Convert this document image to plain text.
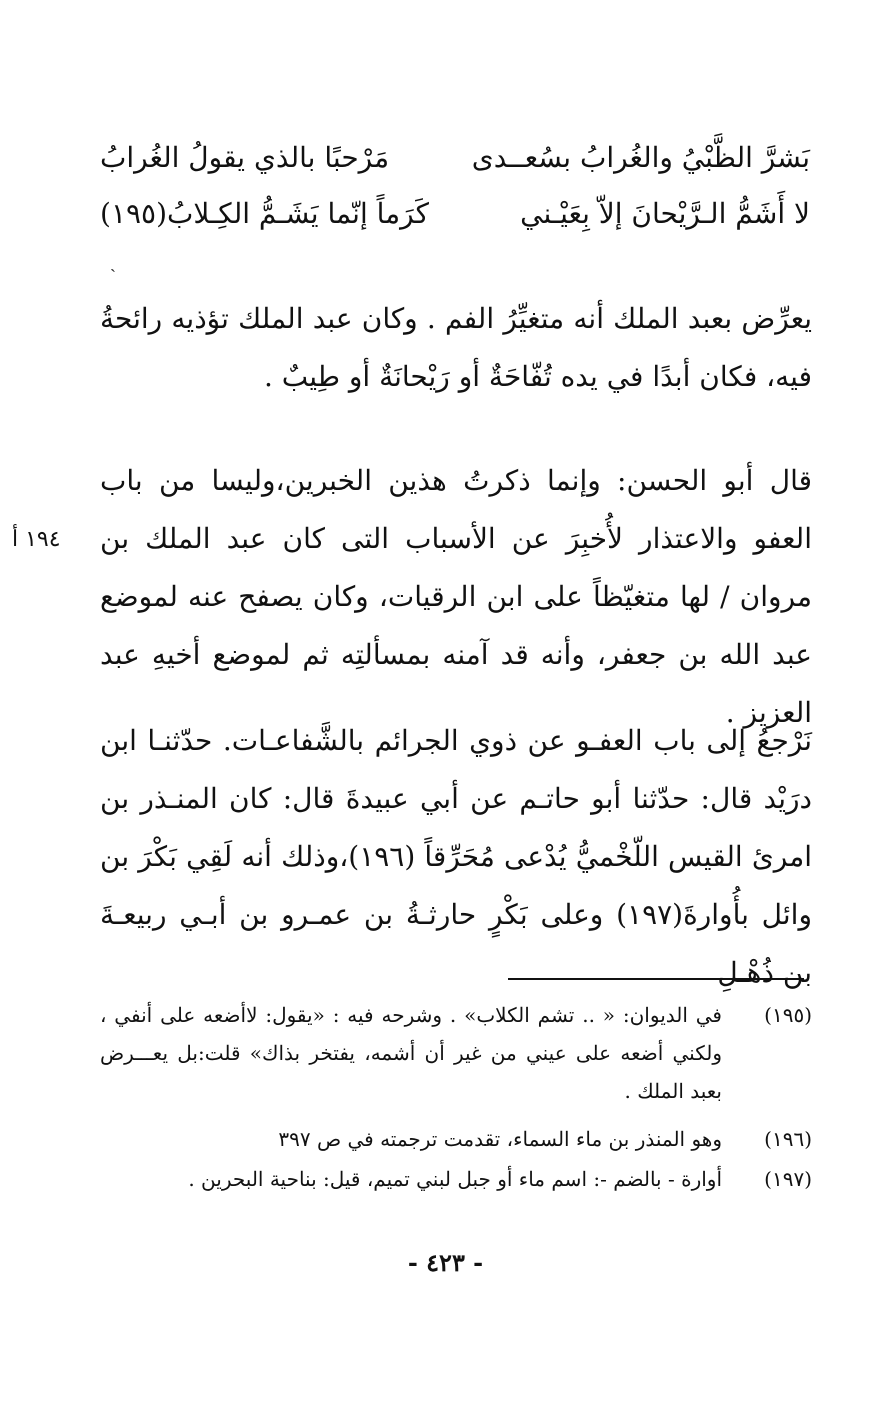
بَشرَّ الظَّبْيُ والغُرابُ بسُعــدى
مَرْحبًا بالذي يقولُ الغُرابُ
لا أَشَمُّ الـرَّيْحانَ إلاّ بِعَيْـني
كَرَماً إنّما يَشَـمُّ الكِـلابُ(١٩٥)
ˎ

يعرِّض بعبد الملك أنه متغيِّرُ الفم . وكان عبد الملك تؤذيه رائحةُ فيه، فكان أبدًا في يده تُفّاحَةٌ أو رَيْحانَةٌ أو طِيبٌ .

قال أبو الحسن: وإنما ذكرتُ هذين الخبرين،وليسا من باب العفو والاعتذار لأُخبِرَ عن الأسباب التى كان عبد الملك بن مروان / لها متغيّظاً على ابن الرقيات، وكان يصفح عنه لموضع عبد الله بن جعفر، وأنه قد آمنه بمسألتِه ثم لموضع أخيهِ عبد العزيز .

١٩٤ أ

نَرْجعُ إلى باب العفـو عن ذوي الجرائم بالشَّفاعـات. حدّثنـا ابن درَيْد قال: حدّثنا أبو حاتـم عن أبي عبيدةَ قال: كان المنـذر بن امرئ القيس اللّخْميُّ يُدْعى مُحَرِّقاً (١٩٦)،وذلك أنه لَقِي بَكْرَ بن وائل بأُوارةَ(١٩٧) وعلى بَكْرٍ حارثـةُ بن عمـرو بن أبـي ربيعـةَ بن ذُهْـلِ

(١٩٥)
في الديوان: « .. تشم الكلاب» . وشرحه فيه : «يقول: لاأضعه على أنفي ، ولكني أضعه على عيني من غير أن أشمه، يفتخر بذاك» قلت:بل يعـــرض بعبد الملك .
(١٩٦)
وهو المنذر بن ماء السماء، تقدمت ترجمته في ص ٣٩٧
(١٩٧)
أوارة - بالضم -: اسم ماء أو جبل لبني تميم، قيل: بناحية البحرين .
- ٤٢٣ -
